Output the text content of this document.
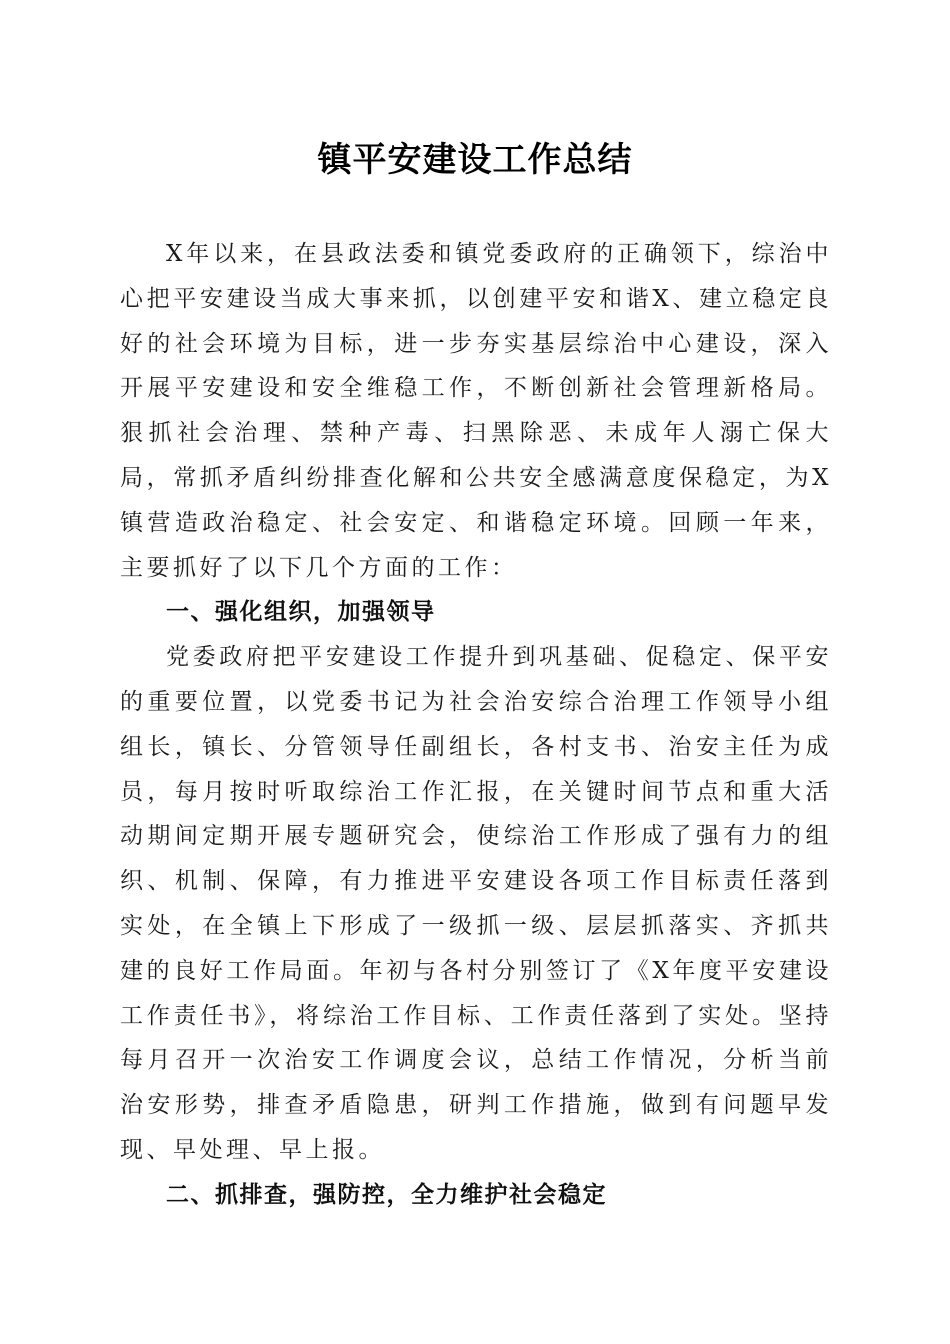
镇平安建设工作总结

X年以来，在县政法委和镇党委政府的正确领下，综治中心把平安建设当成大事来抓，以创建平安和谐X、建立稳定良好的社会环境为目标，进一步夯实基层综治中心建设，深入开展平安建设和安全维稳工作，不断创新社会管理新格局。狠抓社会治理、禁种产毒、扫黑除恶、未成年人溺亡保大局，常抓矛盾纠纷排查化解和公共安全感满意度保稳定，为X镇营造政治稳定、社会安定、和谐稳定环境。回顾一年来，主要抓好了以下几个方面的工作：

一、强化组织，加强领导

党委政府把平安建设工作提升到巩基础、促稳定、保平安的重要位置，以党委书记为社会治安综合治理工作领导小组组长，镇长、分管领导任副组长，各村支书、治安主任为成员，每月按时听取综治工作汇报，在关键时间节点和重大活动期间定期开展专题研究会，使综治工作形成了强有力的组织、机制、保障，有力推进平安建设各项工作目标责任落到实处，在全镇上下形成了一级抓一级、层层抓落实、齐抓共建的良好工作局面。年初与各村分别签订了《X年度平安建设工作责任书》，将综治工作目标、工作责任落到了实处。坚持每月召开一次治安工作调度会议，总结工作情况，分析当前治安形势，排查矛盾隐患，研判工作措施，做到有问题早发现、早处理、早上报。

二、抓排查，强防控，全力维护社会稳定
